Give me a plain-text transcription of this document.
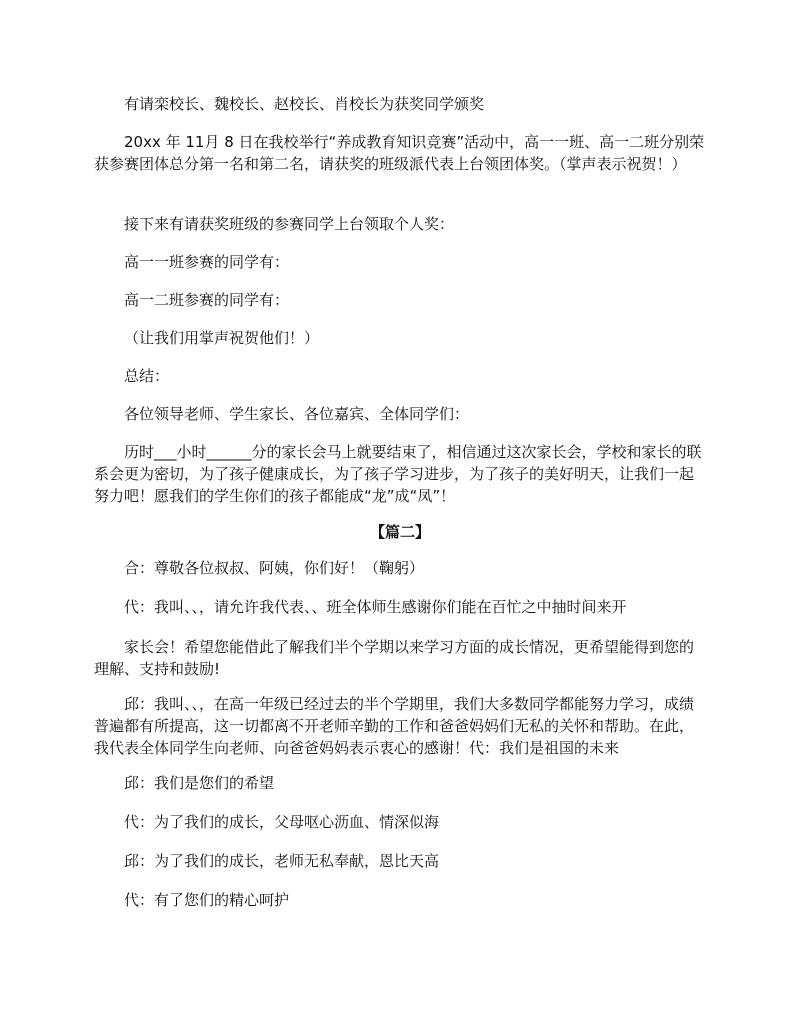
有请栾校长、魏校长、赵校长、肖校长为获奖同学颁奖

20xx 年 11月 8 日在我校举行“养成教育知识竞赛”活动中，高一一班、高一二班分别荣获参赛团体总分第一名和第二名，请获奖的班级派代表上台领团体奖。（掌声表示祝贺！）

接下来有请获奖班级的参赛同学上台领取个人奖：

高一一班参赛的同学有：

高一二班参赛的同学有：

（让我们用掌声祝贺他们！）

总结：

各位领导老师、学生家长、各位嘉宾、全体同学们：

历时___小时______分的家长会马上就要结束了，相信通过这次家长会，学校和家长的联系会更为密切，为了孩子健康成长，为了孩子学习进步，为了孩子的美好明天，让我们一起努力吧！愿我们的学生你们的孩子都能成“龙”成“凤”！

【篇二】

合：尊敬各位叔叔、阿姨，你们好！（鞠躬）

代：我叫、、，请允许我代表、、班全体师生感谢你们能在百忙之中抽时间来开

家长会！希望您能借此了解我们半个学期以来学习方面的成长情况，更希望能得到您的理解、支持和鼓励!

邱：我叫、、，在高一年级已经过去的半个学期里，我们大多数同学都能努力学习，成绩普遍都有所提高，这一切都离不开老师辛勤的工作和爸爸妈妈们无私的关怀和帮助。在此，我代表全体同学生向老师、向爸爸妈妈表示衷心的感谢！代：我们是祖国的未来

邱：我们是您们的希望

代：为了我们的成长，父母呕心沥血、情深似海

邱：为了我们的成长，老师无私奉献，恩比天高

代：有了您们的精心呵护
